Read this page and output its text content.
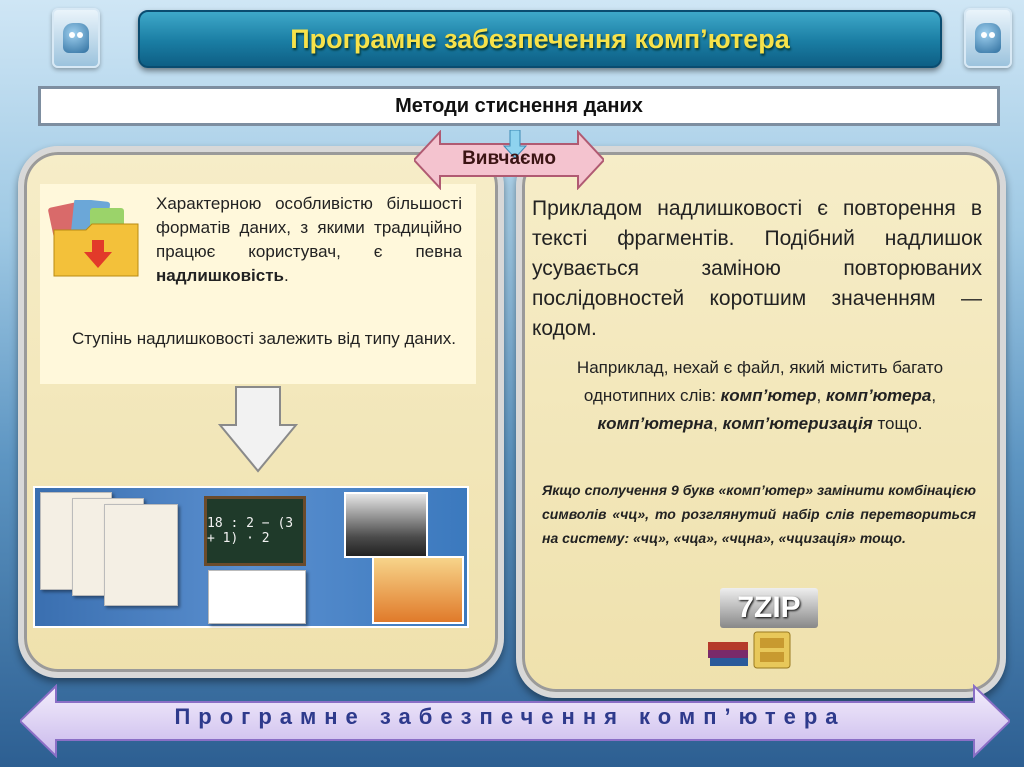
Програмне забезпечення комп’ютера
Методи стиснення даних
Характерною особливістю більшості форматів даних, з якими традиційно працює користувач, є певна надлишковість.
Ступінь надлишковості залежить від типу даних.
18 : 2 − (3 + 1) · 2
Вивчаємо
Прикладом надлишковості є повторення в тексті фрагментів. Подібний надлишок усувається заміною повторюваних послідовностей коротшим значенням — кодом.
Наприклад, нехай є файл, який містить багато однотипних слів: комп’ютер, комп’ютера, комп’ютерна, комп’ютеризація тощо.
Якщо сполучення 9 букв «комп’ютер» замінити комбінацією символів «чц», то розглянутий набір слів перетвориться на систему: «чц», «чца», «чцна», «чцизація» тощо.
7ZIP
Програмне забезпечення комп’ютера
